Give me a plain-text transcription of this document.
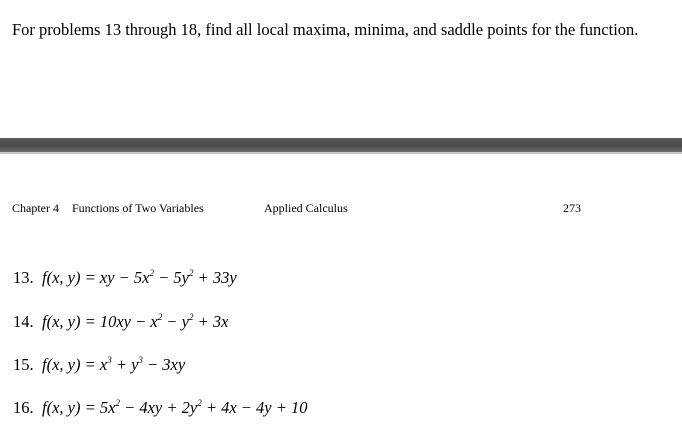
For problems 13 through 18, find all local maxima, minima, and saddle points for the function.
Chapter 4 Functions of Two Variables	Applied Calculus	273
13. f(x, y) = xy − $5x^2 - 5y^2 + 33y$
14. f(x, $y) = 10xy - x^2 - y^2 + 3x$
15. f(x, $y) = x^3 + y^3 - 3xy$
16. f(x, $y) = 5x^2 - 4xy + 2y^2 + 4x - 4y + 10$
